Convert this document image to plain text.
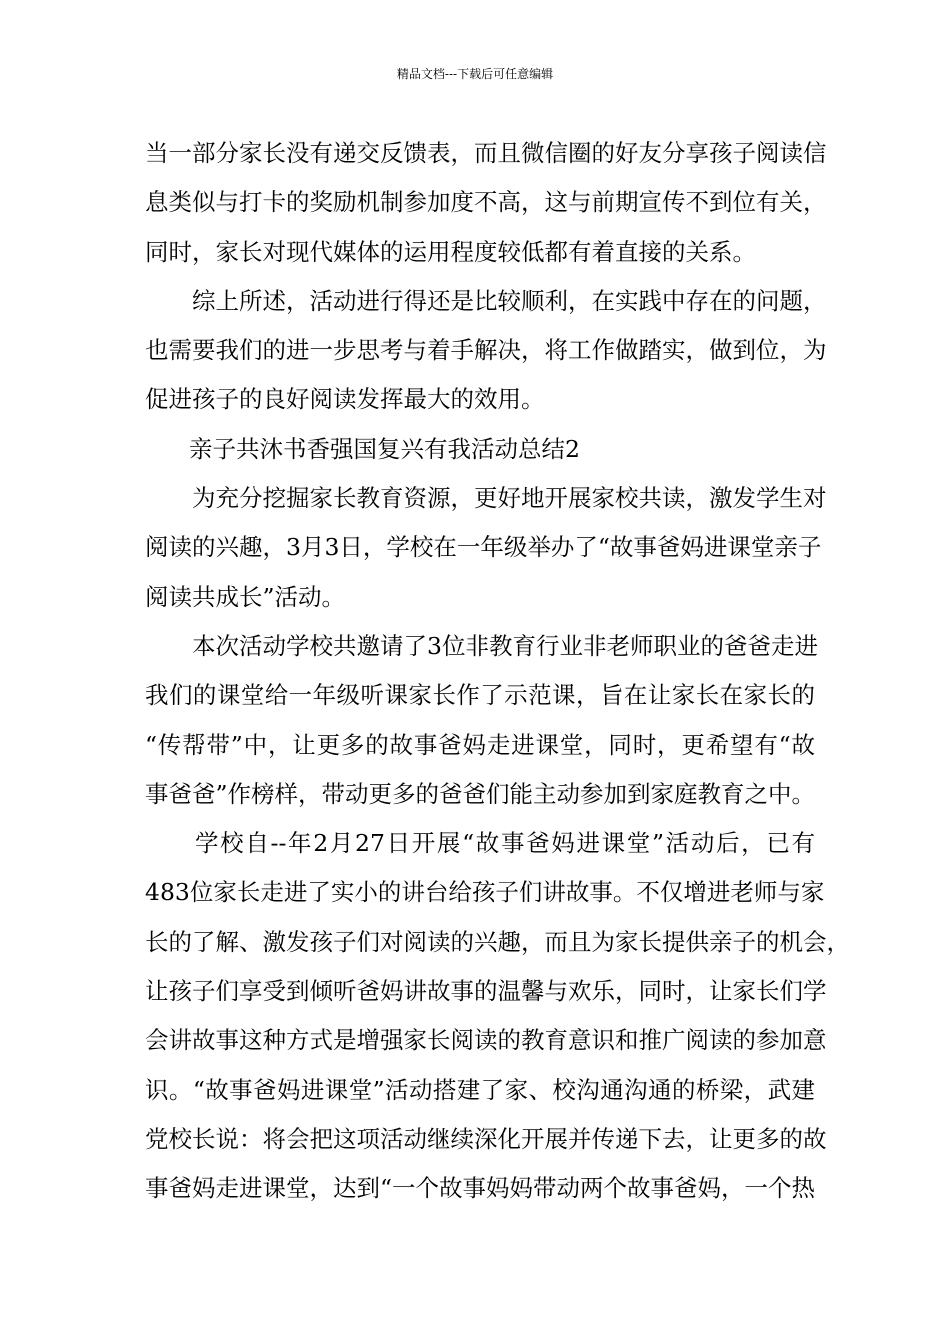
精品文档---下载后可任意编辑
当一部分家长没有递交反馈表，而且微信圈的好友分享孩子阅读信
息类似与打卡的奖励机制参加度不高，这与前期宣传不到位有关，
同时，家长对现代媒体的运用程度较低都有着直接的关系。
综上所述，活动进行得还是比较顺利，在实践中存在的问题，
也需要我们的进一步思考与着手解决，将工作做踏实，做到位，为
促进孩子的良好阅读发挥最大的效用。
亲子共沐书香强国复兴有我活动总结2
为充分挖掘家长教育资源，更好地开展家校共读，激发学生对
阅读的兴趣，3月3日，学校在一年级举办了“故事爸妈进课堂亲子
阅读共成长”活动。
本次活动学校共邀请了3位非教育行业非老师职业的爸爸走进
我们的课堂给一年级听课家长作了示范课，旨在让家长在家长的
“传帮带”中，让更多的故事爸妈走进课堂，同时，更希望有“故
事爸爸”作榜样，带动更多的爸爸们能主动参加到家庭教育之中。
学校自--年2月27日开展“故事爸妈进课堂”活动后，已有
483位家长走进了实小的讲台给孩子们讲故事。不仅增进老师与家
长的了解、激发孩子们对阅读的兴趣，而且为家长提供亲子的机会，
让孩子们享受到倾听爸妈讲故事的温馨与欢乐，同时，让家长们学
会讲故事这种方式是增强家长阅读的教育意识和推广阅读的参加意
识。“故事爸妈进课堂”活动搭建了家、校沟通沟通的桥梁，武建
党校长说：将会把这项活动继续深化开展并传递下去，让更多的故
事爸妈走进课堂，达到“一个故事妈妈带动两个故事爸妈，一个热
